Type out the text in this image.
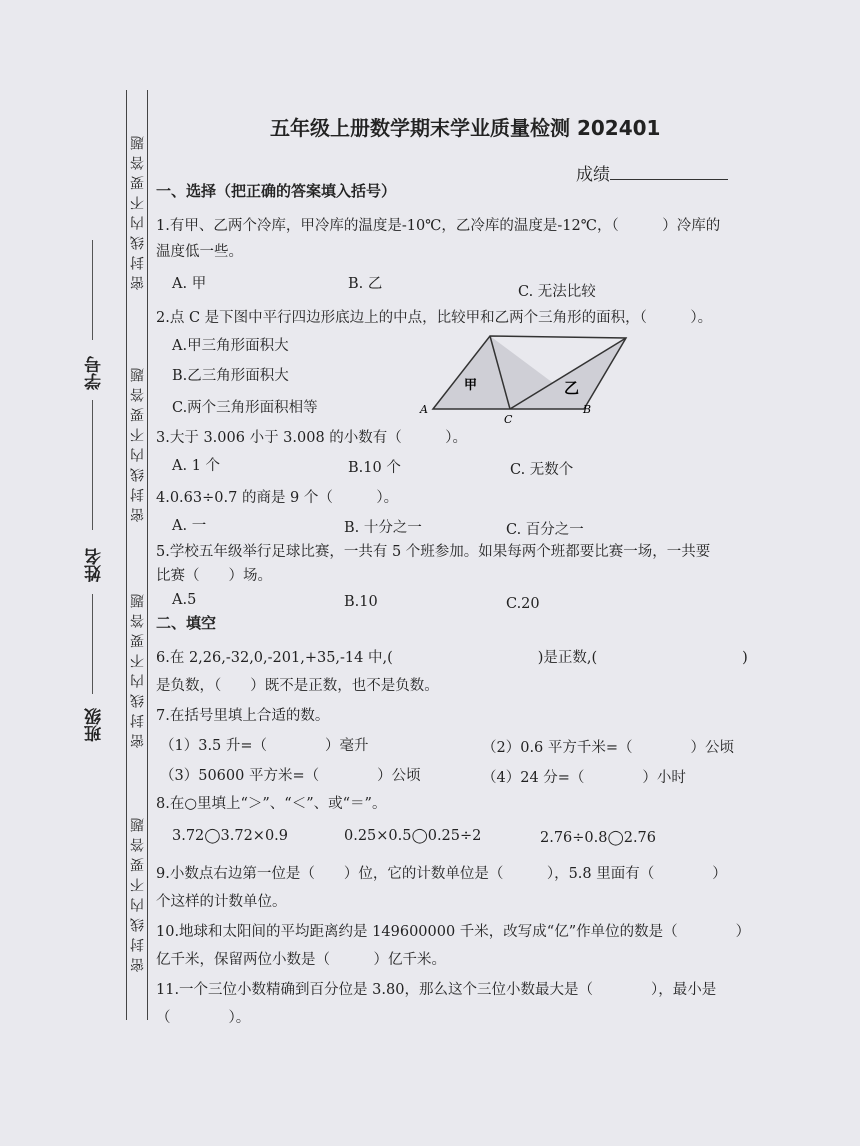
学号
姓名
班级
密封线内不要答题
密封线内不要答题
密封线内不要答题
密封线内不要答题
五年级上册数学期末学业质量检测 202401
成绩
一、选择（把正确的答案填入括号）
1.有甲、乙两个冷库，甲冷库的温度是-10℃，乙冷库的温度是-12℃，（　　　）冷库的
温度低一些。
A. 甲	B. 乙	C. 无法比较
2.点 C 是下图中平行四边形底边上的中点，比较甲和乙两个三角形的面积，（　　　）。
A.甲三角形面积大
B.乙三角形面积大
C.两个三角形面积相等
甲	乙
A
C
B
3.大于 3.006 小于 3.008 的小数有（　　　）。
A. 1 个	B.10 个	C. 无数个
4.0.63÷0.7 的商是 9 个（　　　）。
A. 一	B. 十分之一	C. 百分之一
5.学校五年级举行足球比赛，一共有 5 个班参加。如果每两个班都要比赛一场，一共要
比赛（　　）场。
A.5	B.10	C.20
二、填空
6.在 2,26,-32,0,-201,+35,-14 中,(　　　　　　　　　　)是正数,(　　　　　　　　　　)
是负数，（　　）既不是正数，也不是负数。
7.在括号里填上合适的数。
（1）3.5 升=（　　　　）毫升	（2）0.6 平方千米=（　　　　）公顷
（3）50600 平方米=（　　　　）公顷	（4）24 分=（　　　　）小时
8.在○里填上“＞”、“＜”、或“＝”。
3.72◯3.72×0.9	0.25×0.5◯0.25÷2	2.76÷0.8◯2.76
9.小数点右边第一位是（　　）位，它的计数单位是（　　　），5.8 里面有（　　　　）
个这样的计数单位。
10.地球和太阳间的平均距离约是 149600000 千米，改写成“亿”作单位的数是（　　　　）
亿千米，保留两位小数是（　　　）亿千米。
11.一个三位小数精确到百分位是 3.80，那么这个三位小数最大是（　　　　），最小是
（　　　　）。
